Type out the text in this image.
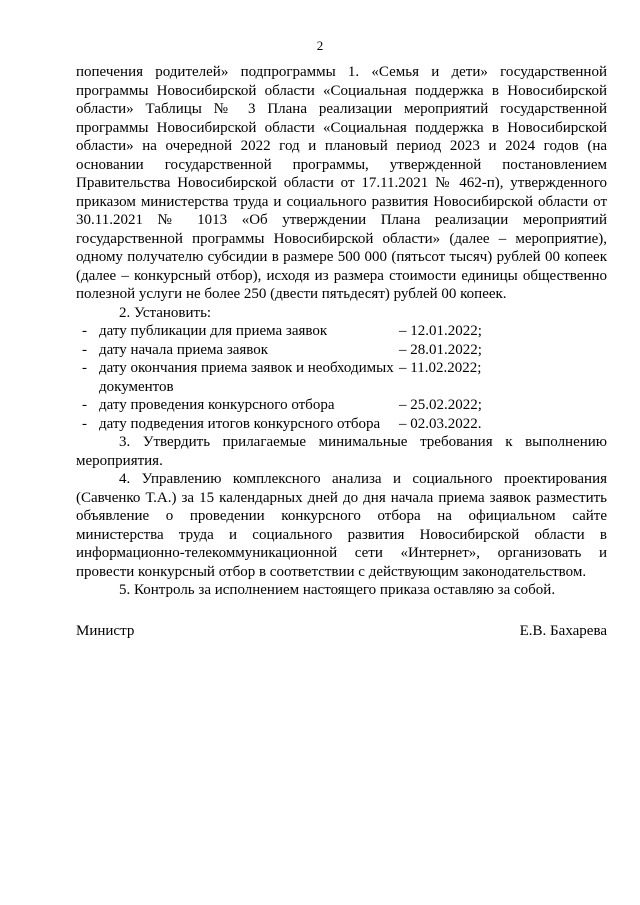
2

попечения родителей» подпрограммы 1. «Семья и дети» государственной программы Новосибирской области «Социальная поддержка в Новосибирской области» Таблицы № 3 Плана реализации мероприятий государственной программы Новосибирской области «Социальная поддержка в Новосибирской области» на очередной 2022 год и плановый период 2023 и 2024 годов (на основании государственной программы, утвержденной постановлением Правительства Новосибирской области от 17.11.2021 № 462-п), утвержденного приказом министерства труда и социального развития Новосибирской области от 30.11.2021 № 1013 «Об утверждении Плана реализации мероприятий государственной программы Новосибирской области» (далее – мероприятие), одному получателю субсидии в размере 500 000 (пятьсот тысяч) рублей 00 копеек (далее – конкурсный отбор), исходя из размера стоимости единицы общественно полезной услуги не более 250 (двести пятьдесят) рублей 00 копеек.

2. Установить:

- дату публикации для приема заявок	– 12.01.2022;
- дату начала приема заявок	– 28.01.2022;
- дату окончания приема заявок и необходимых документов
– 11.02.2022;
- дату проведения конкурсного отбора	– 25.02.2022;
- дату подведения итогов конкурсного отбора – 02.03.2022.

3. Утвердить прилагаемые минимальные требования к выполнению мероприятия.

4. Управлению комплексного анализа и социального проектирования (Савченко Т.А.) за 15 календарных дней до дня начала приема заявок разместить объявление о проведении конкурсного отбора на официальном сайте министерства труда и социального развития Новосибирской области в информационно-телекоммуникационной сети «Интернет», организовать и провести конкурсный отбор в соответствии с действующим законодательством.

5. Контроль за исполнением настоящего приказа оставляю за собой.

Министр	Е.В. Бахарева
